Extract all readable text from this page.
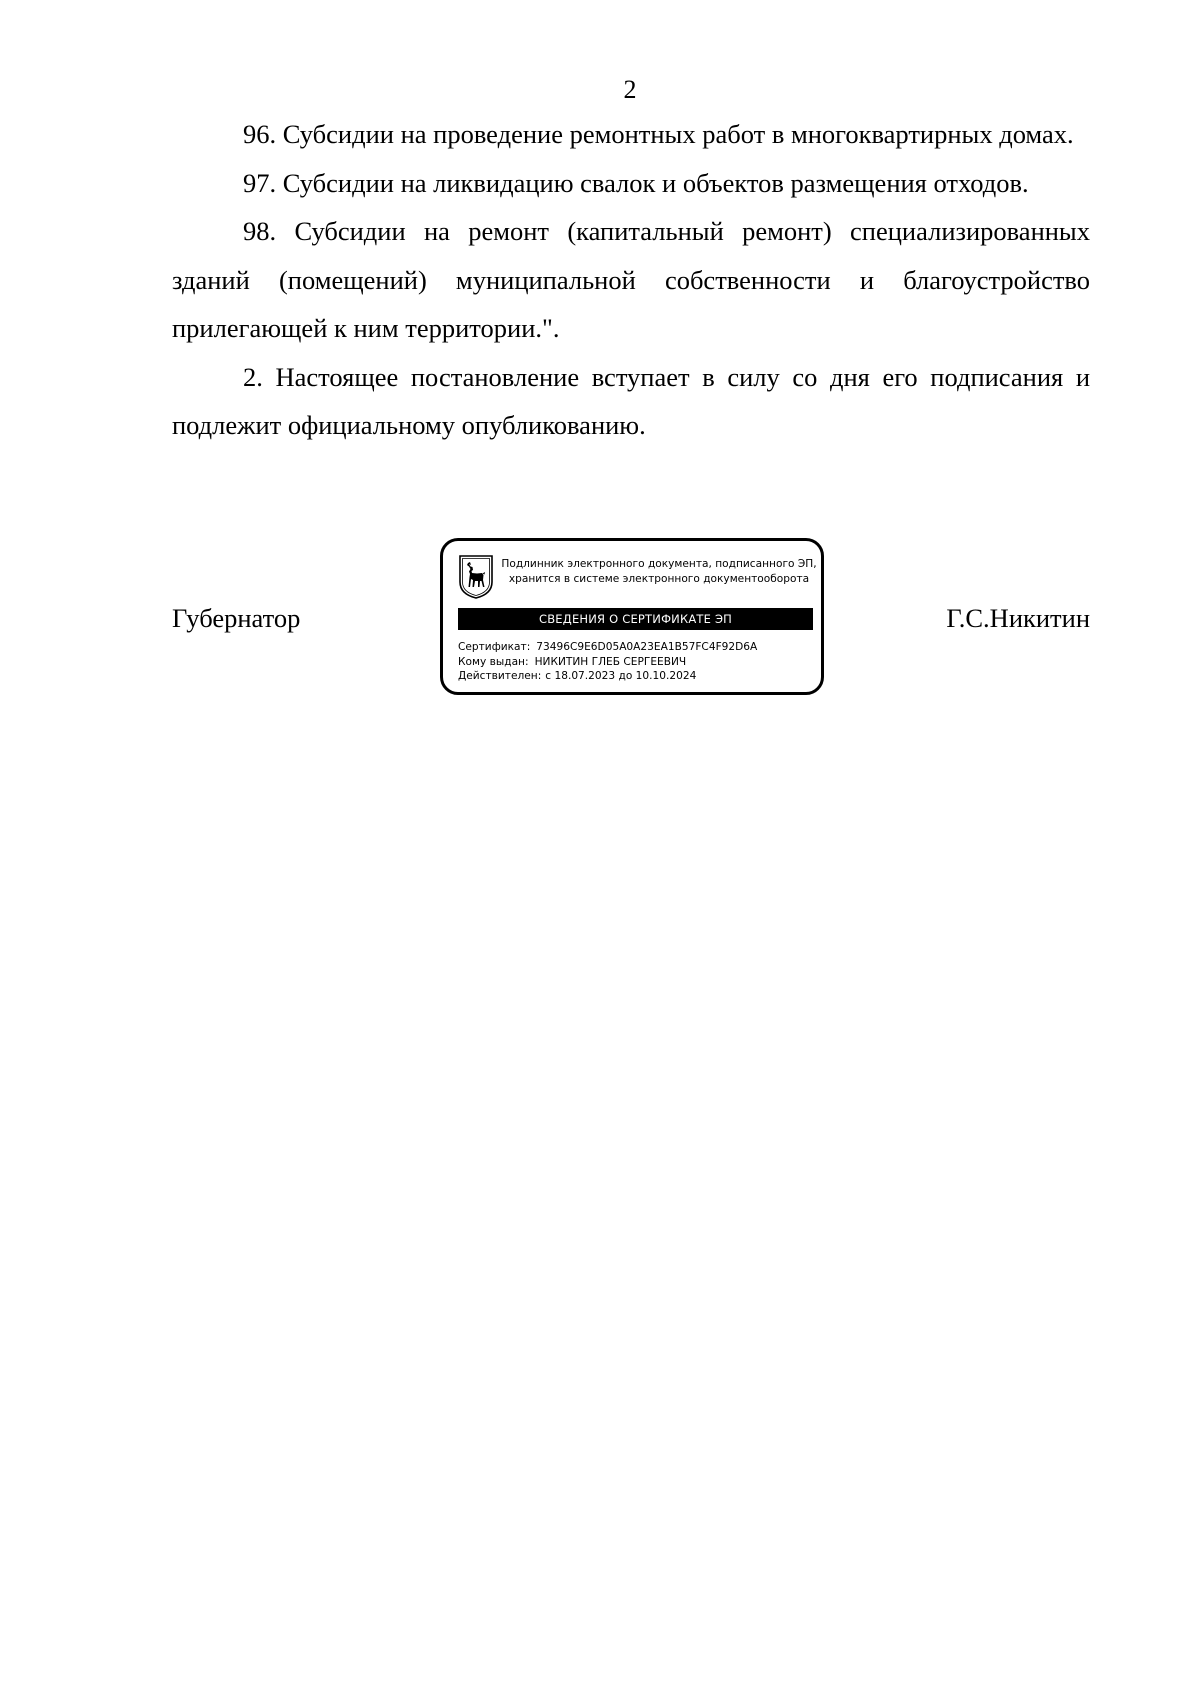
2

96. Субсидии на проведение ремонтных работ в многоквартирных домах.

97. Субсидии на ликвидацию свалок и объектов размещения отходов.

98. Субсидии на ремонт (капитальный ремонт) специализированных зданий (помещений) муниципальной собственности и благоустройство прилегающей к ним территории.".

2. Настоящее постановление вступает в силу со дня его подписания и подлежит официальному опубликованию.

Губернатор
Подлинник электронного документа, подписанного ЭП,
хранится в системе электронного документооборота
СВЕДЕНИЯ О СЕРТИФИКАТЕ ЭП
Сертификат: 73496C9E6D05A0A23EA1B57FC4F92D6A
Кому выдан: НИКИТИН ГЛЕБ СЕРГЕЕВИЧ
Действителен: с 18.07.2023 до 10.10.2024
Г.С.Никитин
